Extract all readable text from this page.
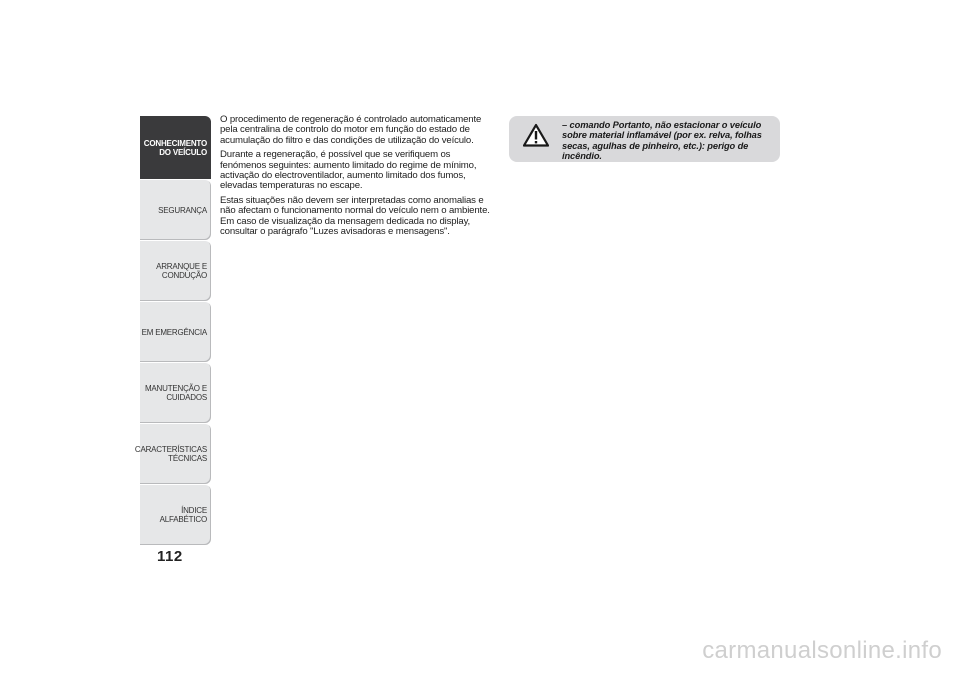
CONHECIMENTO
DO VEÍCULO
SEGURANÇA
ARRANQUE E
CONDUÇÃO
EM EMERGÊNCIA
MANUTENÇÃO E
CUIDADOS
CARACTERÍSTICAS
TÉCNICAS
ÍNDICE ALFABÉTICO
112

O procedimento de regeneração é controlado automaticamente pela centralina de controlo do motor em função do estado de acumulação do filtro e das condições de utilização do veículo.

Durante a regeneração, é possível que se verifiquem os fenómenos seguintes: aumento limitado do regime de mínimo, activação do electroventilador, aumento limitado dos fumos, elevadas temperaturas no escape.

Estas situações não devem ser interpretadas como anomalias e não afectam o funcionamento normal do veículo nem o ambiente. Em caso de visualização da mensagem dedicada no display, consultar o parágrafo "Luzes avisadoras e mensagens".

– comando Portanto, não estacionar o veículo sobre material inflamável (por ex. relva, folhas secas, agulhas de pinheiro, etc.): perigo de incêndio.
carmanualsonline.info
